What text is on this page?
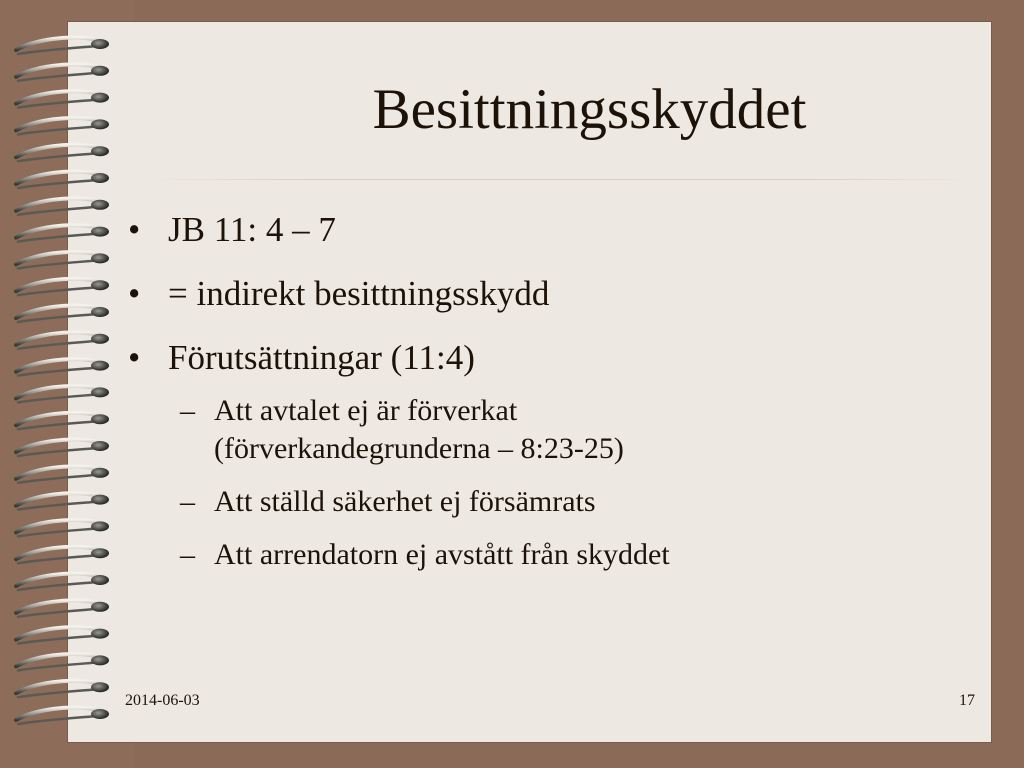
Besittningsskyddet
• JB 11: 4 – 7
• = indirekt besittningsskydd
• Förutsättningar (11:4)
– Att avtalet ej är förverkat
(förverkandegrunderna – 8:23-25)
– Att ställd säkerhet ej försämrats
– Att arrendatorn ej avstått från skyddet
2014-06-03	17
